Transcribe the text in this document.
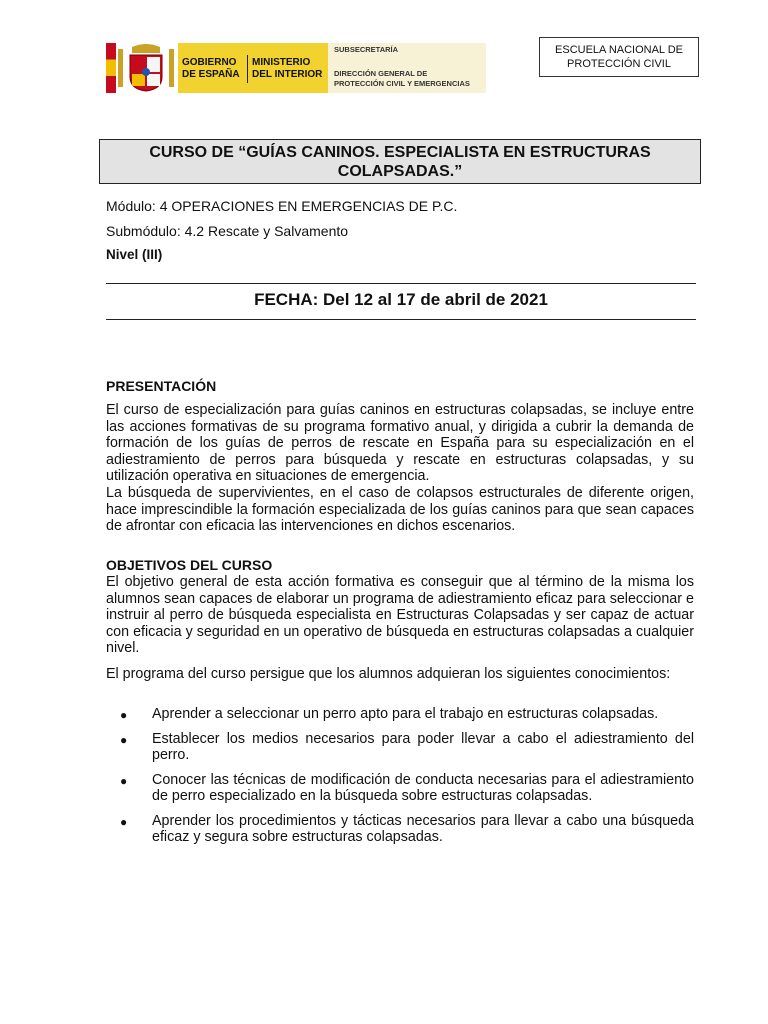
GOBIERNO
DE ESPAÑA
MINISTERIO
DEL INTERIOR
SUBSECRETARÍA
DIRECCIÓN GENERAL DE
PROTECCIÓN CIVIL Y EMERGENCIAS
ESCUELA NACIONAL DE
PROTECCIÓN CIVIL
CURSO DE “GUÍAS CANINOS. ESPECIALISTA EN ESTRUCTURAS
COLAPSADAS.”
Módulo: 4 OPERACIONES EN EMERGENCIAS DE P.C.
Submódulo: 4.2 Rescate y Salvamento
Nivel (III)
FECHA: Del 12 al 17 de abril de 2021
PRESENTACIÓN
El curso de especialización para guías caninos en estructuras colapsadas, se incluye entre las acciones formativas de su programa formativo anual, y dirigida a cubrir la demanda de formación de los guías de perros de rescate en España para su especialización en el adiestramiento de perros para búsqueda y rescate en estructuras colapsadas, y su utilización operativa en situaciones de emergencia.
La búsqueda de supervivientes, en el caso de colapsos estructurales de diferente origen, hace imprescindible la formación especializada de los guías caninos para que sean capaces de afrontar con eficacia las intervenciones en dichos escenarios.
OBJETIVOS DEL CURSO
El objetivo general de esta acción formativa es conseguir que al término de la misma los alumnos sean capaces de elaborar un programa de adiestramiento eficaz para seleccionar e instruir al perro de búsqueda especialista en Estructuras Colapsadas y ser capaz de actuar con eficacia y seguridad en un operativo de búsqueda en estructuras colapsadas a cualquier nivel.
El programa del curso persigue que los alumnos adquieran los siguientes conocimientos:
● Aprender a seleccionar un perro apto para el trabajo en estructuras colapsadas.
● Establecer los medios necesarios para poder llevar a cabo el adiestramiento del perro.
● Conocer las técnicas de modificación de conducta necesarias para el adiestramiento de perro especializado en la búsqueda sobre estructuras colapsadas.
● Aprender los procedimientos y tácticas necesarios para llevar a cabo una búsqueda eficaz y segura sobre estructuras colapsadas.
